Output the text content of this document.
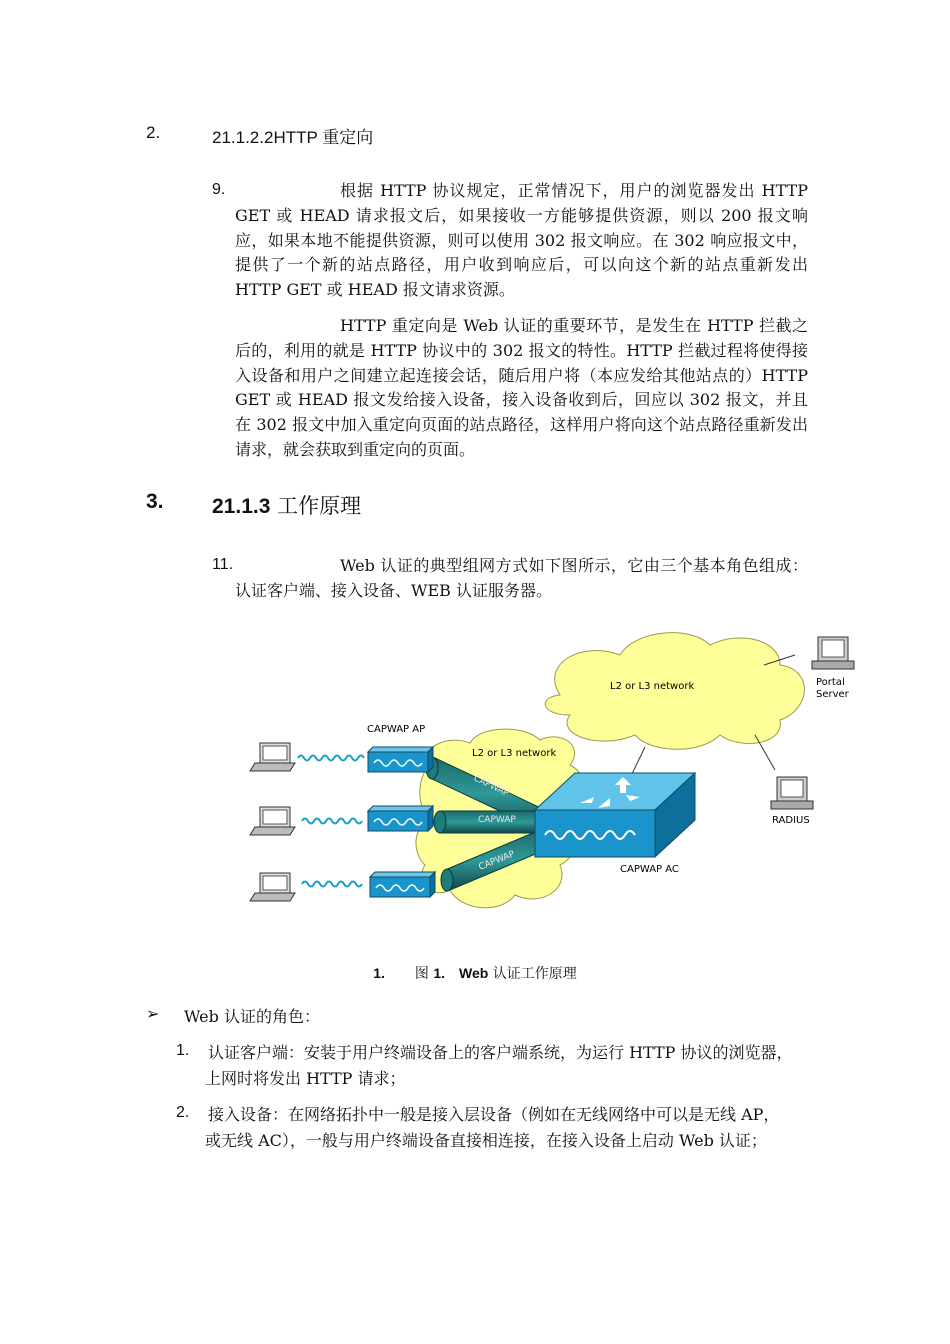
2.	21.1.2.2HTTP 重定向
9.	根据 HTTP 协议规定，正常情况下，用户的浏览器发出 HTTP GET 或 HEAD 请求报文后，如果接收一方能够提供资源，则以 200 报文响应，如果本地不能提供资源，则可以使用 302 报文响应。在 302 响应报文中，提供了一个新的站点路径，用户收到响应后，可以向这个新的站点重新发出 HTTP GET 或 HEAD 报文请求资源。
HTTP 重定向是 Web 认证的重要环节，是发生在 HTTP 拦截之后的，利用的就是 HTTP 协议中的 302 报文的特性。HTTP 拦截过程将使得接入设备和用户之间建立起连接会话，随后用户将（本应发给其他站点的）HTTP GET 或 HEAD 报文发给接入设备，接入设备收到后，回应以 302 报文，并且在 302 报文中加入重定向页面的站点路径，这样用户将向这个站点路径重新发出请求，就会获取到重定向的页面。
3. 21.1.3 工作原理
11.	Web 认证的典型组网方式如下图所示，它由三个基本角色组成：认证客户端、接入设备、WEB 认证服务器。
L2 or L3 network
L2 or L3 network
CAPWAP
CAPWAP
CAPWAP	CAPWAP AC
CAPWAP AP
Portal
Server
RADIUS
1. 图 1. Web 认证工作原理
➢ Web 认证的角色：
1. 认证客户端：安装于用户终端设备上的客户端系统，为运行 HTTP 协议的浏览器，
上网时将发出 HTTP 请求；
2. 接入设备：在网络拓扑中一般是接入层设备（例如在无线网络中可以是无线 AP，
或无线 AC），一般与用户终端设备直接相连接，在接入设备上启动 Web 认证；
